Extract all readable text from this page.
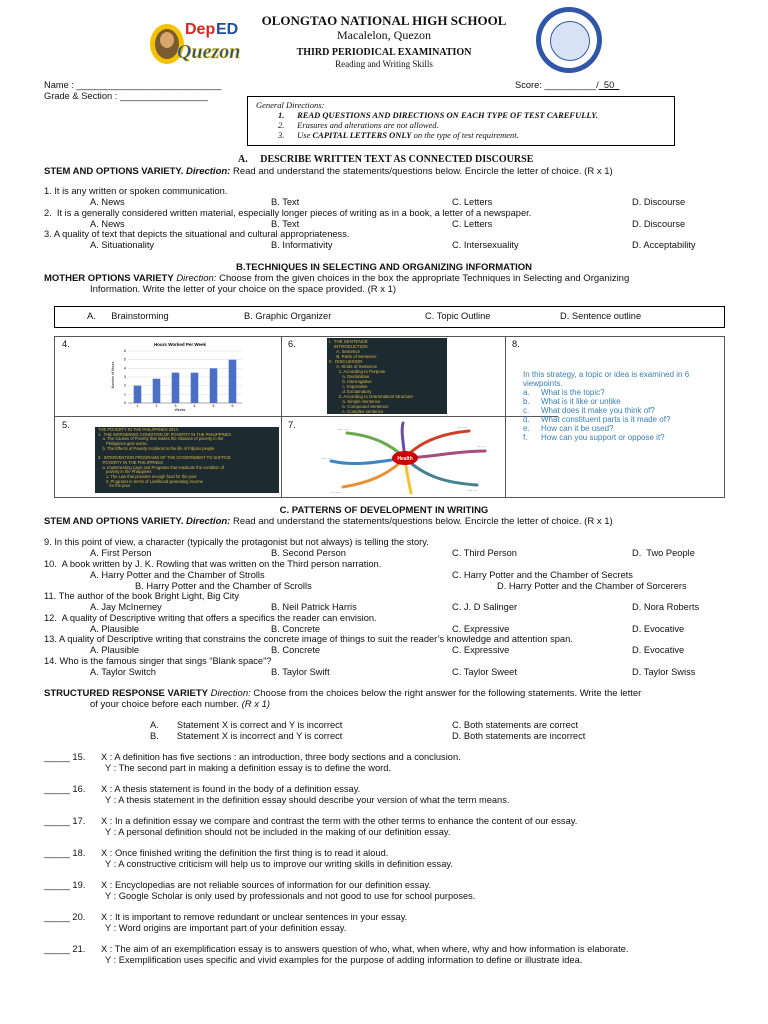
Dep ED
Quezon
OLONGTAO NATIONAL HIGH SCHOOL
Macalelon, Quezon
THIRD PERIODICAL EXAMINATION
Reading and Writing Skills
Name : ____________________________
Grade & Section : _________________
Score: __________/ 50
General Directions:
1. READ QUESTIONS AND DIRECTIONS ON EACH TYPE OF TEST CAREFULLY.
2. Erasures and alterations are not allowed.
3. Use CAPITAL LETTERS ONLY on the type of test requirement.
A.     DESCRIBE WRITTEN TEXT AS CONNECTED DISCOURSE
STEM AND OPTIONS VARIETY. Direction: Read and understand the statements/questions below. Encircle the letter of choice. (R x 1)
1. It is any written or spoken communication.
A. News	B. Text	C. Letters	D. Discourse
2.  It is a generally considered written material, especially longer pieces of writing as in a book, a letter of a newspaper.
A. News	B. Text	C. Letters	D. Discourse
3. A quality of text that depicts the situational and cultural appropriateness.
A. Situationality	B. Informativity	C. Intersexuality	D. Acceptability
B.TECHNIQUES IN SELECTING AND ORGANIZING INFORMATION
MOTHER OPTIONS VARIETY Direction: Choose from the given choices in the box the appropriate Techniques in Selecting and Organizing
Information. Write the letter of your choice on the space provided. (R x 1)
A.      Brainstorming	B. Graphic Organizer	C. Topic Outline	D. Sentence outline
4.	Hours Worked Per Week
Number of Hours
Weeks
0
1
2
3
4
5
6
1	2	3	4	5	6
6.	I.  THE SENTENCE
INTRODUCTION
A. Sentence
B. Parts of Sentence
II.  DISCUSSION
A. Kinds of Sentence
1. According to Purpose
a. Declarative
b. Interrogative
c. Imperative
d. Exclamatory
2. According to Grammatical Structure
a. Simple Sentence
b. Compound Sentence
c. Complex sentence
8.
In this strategy, a topic or idea is examined in 6
viewpoints.
a. What is the topic?
b. What is it like or unlike
c. What does it make you think of?
d. What constituent parts is it made of?
e. How can it be used?
f. How can you support or oppose it?
5.	THE POVERTY IN THE PHILIPPINES 2014
1.  THE WORSENING CONDITION OF POVERTY IN THE PHILIPPINES
a. The Causes of Poverty that makes the situation of poverty in the
Philippines gets worse.
b. The Effects of Poverty Incidents to the life of Filipino people

2.  INTERVENTION PROGRAMS OF THE GOVERNMENT TO SUFFICE
POVERTY IN THE PHILIPPINES
a. Implementing Laws and Programs that eradicate the condition of
poverty in the Philippines
1. The Law that provides enough food for the poor
2. Programs in terms of Livelihood generating income
for the poor
7.	~~~ ~~~
~~~ ~~
~~ ~~~
~~~ ~~
~~ ~~
~~~ ~~
Health
C. PATTERNS OF DEVELOPMENT IN WRITING
STEM AND OPTIONS VARIETY. Direction: Read and understand the statements/questions below. Encircle the letter of choice. (R x 1)
9. In this point of view, a character (typically the protagonist but not always) is telling the story.
A. First Person	B. Second Person	C. Third Person	D.  Two People
10.  A book written by J. K. Rowling that was written on the Third person narration.
A. Harry Potter and the Chamber of Strolls	C. Harry Potter and the Chamber of Secrets
B. Harry Potter and the Chamber of Scrolls	D. Harry Potter and the Chamber of Sorcerers
11. The author of the book Bright Light, Big City
A. Jay McInerney	B. Neil Patrick Harris	C. J. D Salinger	D. Nora Roberts
12.  A quality of Descriptive writing that offers a specifics the reader can envision.
A. Plausible	B. Concrete	C. Expressive	D. Evocative
13. A quality of Descriptive writing that constrains the concrete image of things to suit the reader’s knowledge and attention span.
A. Plausible	B. Concrete	C. Expressive	D. Evocative
14. Who is the famous singer that sings “Blank space”?
A. Taylor Switch	B. Taylor Swift	C. Taylor Sweet	D. Taylor Swiss
STRUCTURED RESPONSE VARIETY Direction: Choose from the choices below the right answer for the following statements. Write the letter
of your choice before each number. (R x 1)
A.       Statement X is correct and Y is incorrect	C. Both statements are correct
B.       Statement X is incorrect and Y is correct	D. Both statements are incorrect
_____ 15. X : A definition has five sections : an introduction, three body sections and a conclusion.
Y : The second part in making a definition essay is to define the word.
_____ 16. X : A thesis statement is found in the body of a definition essay.
Y : A thesis statement in the definition essay should describe your version of what the term means.
_____ 17. X : In a definition essay we compare and contrast the term with the other terms to enhance the content of our essay.
Y : A personal definition should not be included in the making of our definition essay.
_____ 18. X : Once finished writing the definition the first thing is to read it aloud.
Y : A constructive criticism will help us to improve our writing skills in definition essay.
_____ 19. X : Encyclopedias are not reliable sources of information for our definition essay.
Y : Google Scholar is only used by professionals and not good to use for school purposes.
_____ 20. X : It is important to remove redundant or unclear sentences in your essay.
Y : Word origins are important part of your definition essay.
_____ 21. X : The aim of an exemplification essay is to answers question of who, what, when where, why and how information is elaborate.
Y : Exemplification uses specific and vivid examples for the purpose of adding information to define or illustrate idea.
